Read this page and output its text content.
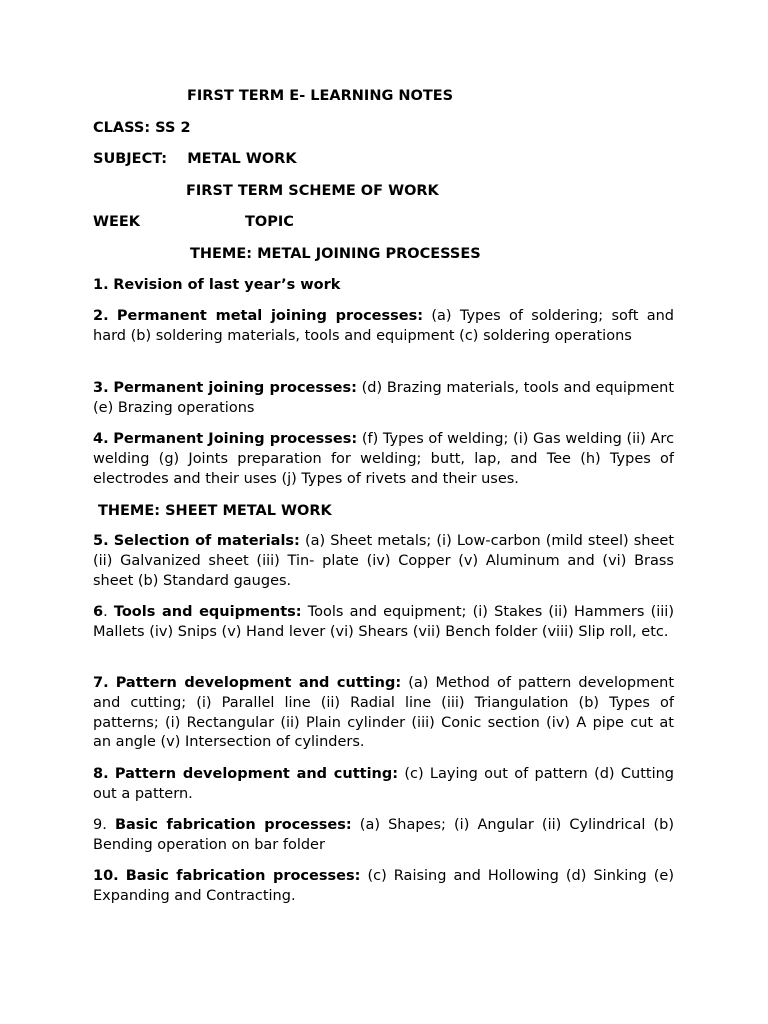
FIRST TERM E- LEARNING NOTES
CLASS: SS 2
SUBJECT: METAL WORK
FIRST TERM SCHEME OF WORK
WEEK	TOPIC
THEME: METAL JOINING PROCESSES
1. Revision of last year’s work
2. Permanent metal joining processes: (a) Types of soldering; soft and hard (b) soldering materials, tools and equipment (c) soldering operations
3. Permanent joining processes: (d) Brazing materials, tools and equipment (e) Brazing operations
4. Permanent Joining processes: (f) Types of welding; (i) Gas welding (ii) Arc welding (g) Joints preparation for welding; butt, lap, and Tee (h) Types of electrodes and their uses (j) Types of rivets and their uses.
THEME: SHEET METAL WORK
5. Selection of materials: (a) Sheet metals; (i) Low-carbon (mild steel) sheet (ii) Galvanized sheet (iii) Tin- plate (iv) Copper (v) Aluminum and (vi) Brass sheet (b) Standard gauges.
6. Tools and equipments: Tools and equipment; (i) Stakes (ii) Hammers (iii) Mallets (iv) Snips (v) Hand lever (vi) Shears (vii) Bench folder (viii) Slip roll, etc.
7. Pattern development and cutting: (a) Method of pattern development and cutting; (i) Parallel line (ii) Radial line (iii) Triangulation (b) Types of patterns; (i) Rectangular (ii) Plain cylinder (iii) Conic section (iv) A pipe cut at an angle (v) Intersection of cylinders.
8. Pattern development and cutting: (c) Laying out of pattern (d) Cutting out a pattern.
9. Basic fabrication processes: (a) Shapes; (i) Angular (ii) Cylindrical (b) Bending operation on bar folder
10. Basic fabrication processes: (c) Raising and Hollowing (d) Sinking (e) Expanding and Contracting.
